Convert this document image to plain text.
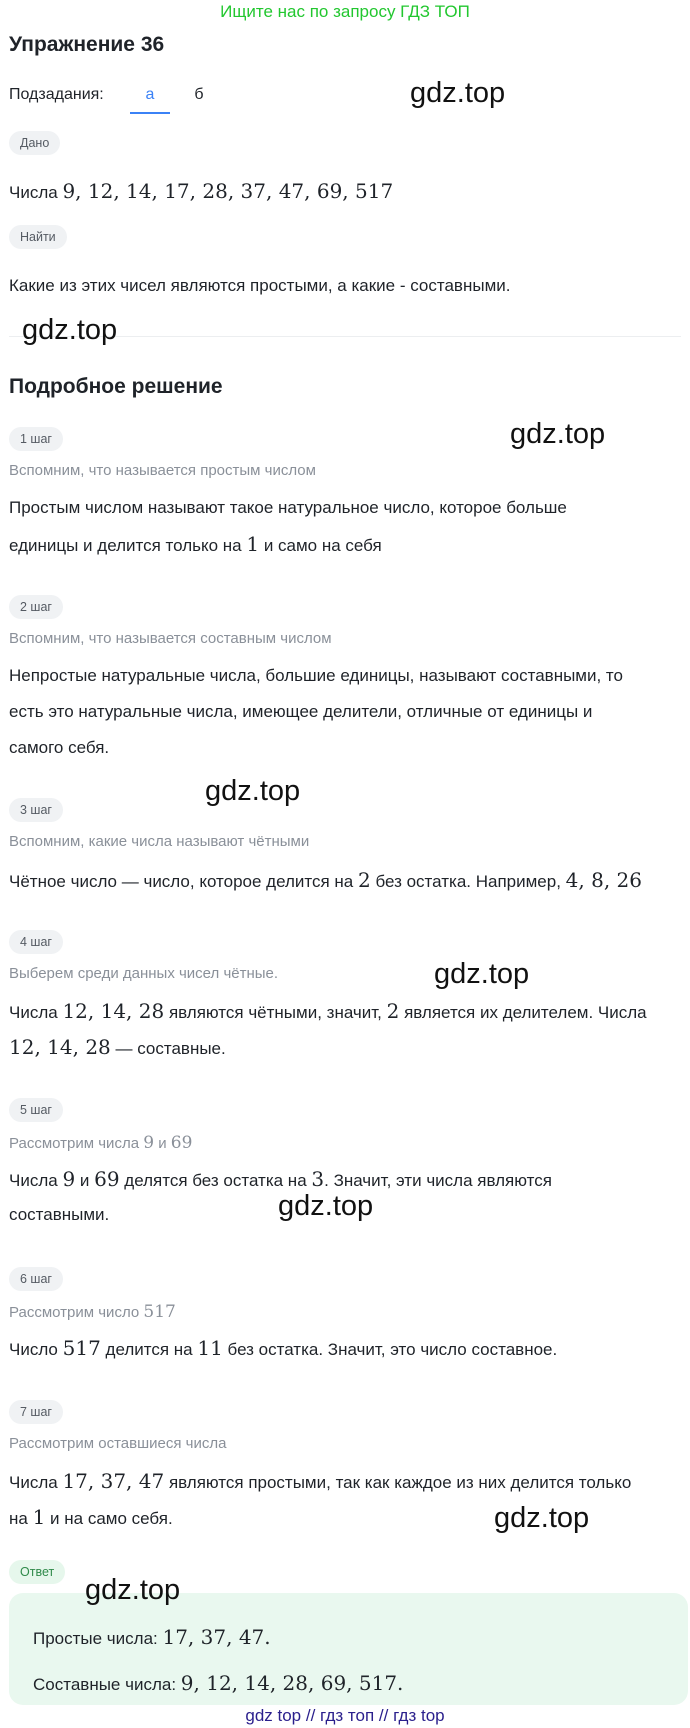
Ищите нас по запросу ГДЗ ТОП
Упражнение 36
Подзадания:	а	б
Дано
Числа 9, 12, 14, 17, 28, 37, 47, 69, 517
Найти
Какие из этих чисел являются простыми, а какие - составными.
Подробное решение
1 шаг
Вспомним, что называется простым числом
Простым числом называют такое натуральное число, которое больше
единицы и делится только на 1 и само на себя
2 шаг
Вспомним, что называется составным числом
Непростые натуральные числа, большие единицы, называют составными, то
есть это натуральные числа, имеющее делители, отличные от единицы и
самого себя.
3 шаг
Вспомним, какие числа называют чётными
Чётное число — число, которое делится на 2 без остатка. Например, 4, 8, 26
4 шаг
Выберем среди данных чисел чётные.
Числа 12, 14, 28 являются чётными, значит, 2 является их делителем. Числа
12, 14, 28 — составные.
5 шаг
Рассмотрим числа 9 и 69
Числа 9 и 69 делятся без остатка на 3. Значит, эти числа являются
составными.
6 шаг
Рассмотрим число 517
Число 517 делится на 11 без остатка. Значит, это число составное.
7 шаг
Рассмотрим оставшиеся числа
Числа 17, 37, 47 являются простыми, так как каждое из них делится только
на 1 и на само себя.
Ответ
Простые числа: 17, 37, 47.
Составные числа: 9, 12, 14, 28, 69, 517.
gdz.top
gdz.top
gdz.top
gdz.top
gdz.top
gdz.top
gdz.top
gdz.top
gdz top // гдз топ // гдз top
